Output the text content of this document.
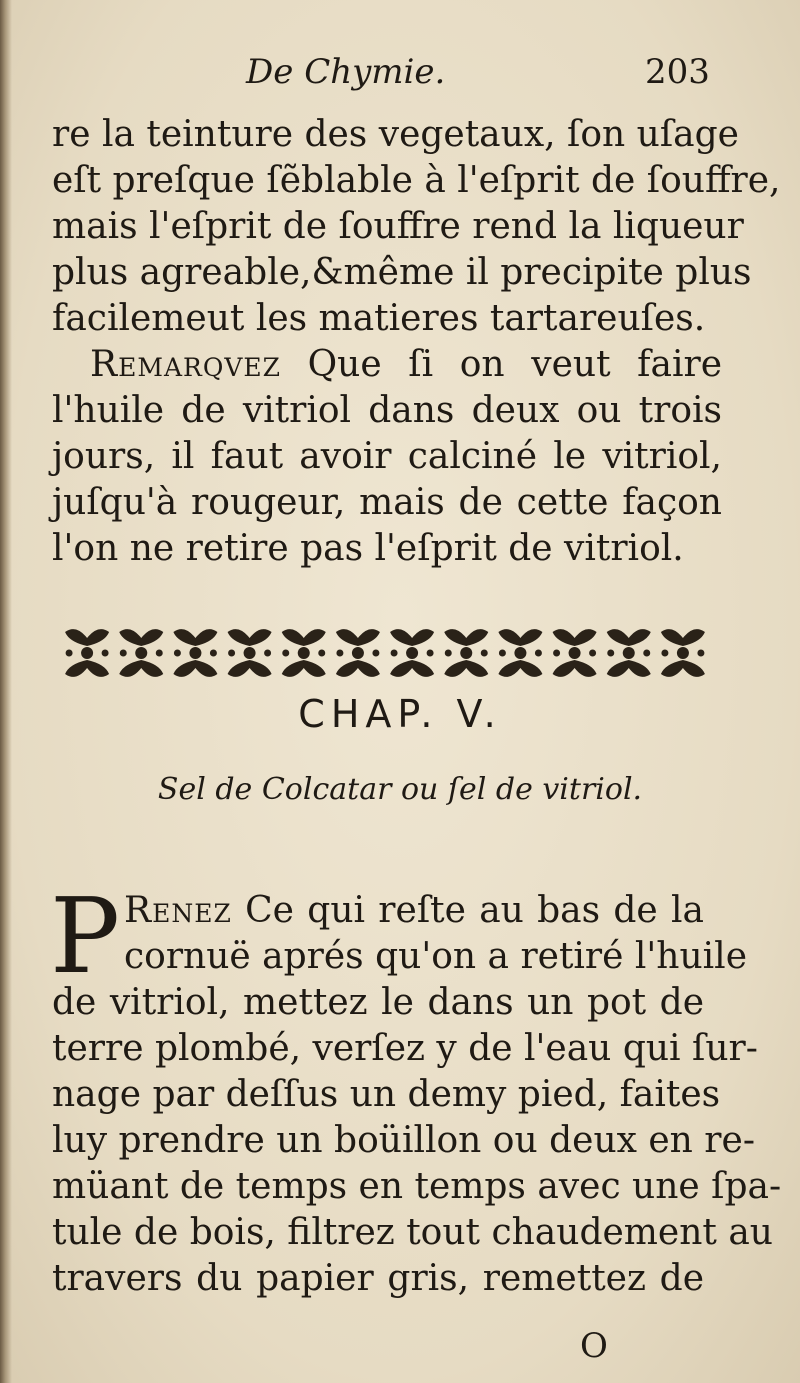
De Chymie.	203
re la teinture des vegetaux, ſon uſage
eſt preſque ſẽblable à l'eſprit de ſouffre,
mais l'eſprit de ſouffre rend la liqueur
plus agreable,&même il precipite plus
facilemeut les matieres tartareuſes.
Remarqvez Que ſi on veut faire
l'huile de vitriol dans deux ou trois
jours, il faut avoir calciné le vitriol,
juſqu'à rougeur, mais de cette façon
l'on ne retire pas l'eſprit de vitriol.
CHAP. V.
Sel de Colcatar ou ſel de vitriol.
P Renez Ce qui reſte au bas de la
cornuë aprés qu'on a retiré l'huile
de vitriol, mettez le dans un pot de
terre plombé, verſez y de l'eau qui ſur-
nage par deſſus un demy pied, faites
luy prendre un boüillon ou deux en re-
müant de temps en temps avec une ſpa-
tule de bois, filtrez tout chaudement au
travers du papier gris, remettez de
O
